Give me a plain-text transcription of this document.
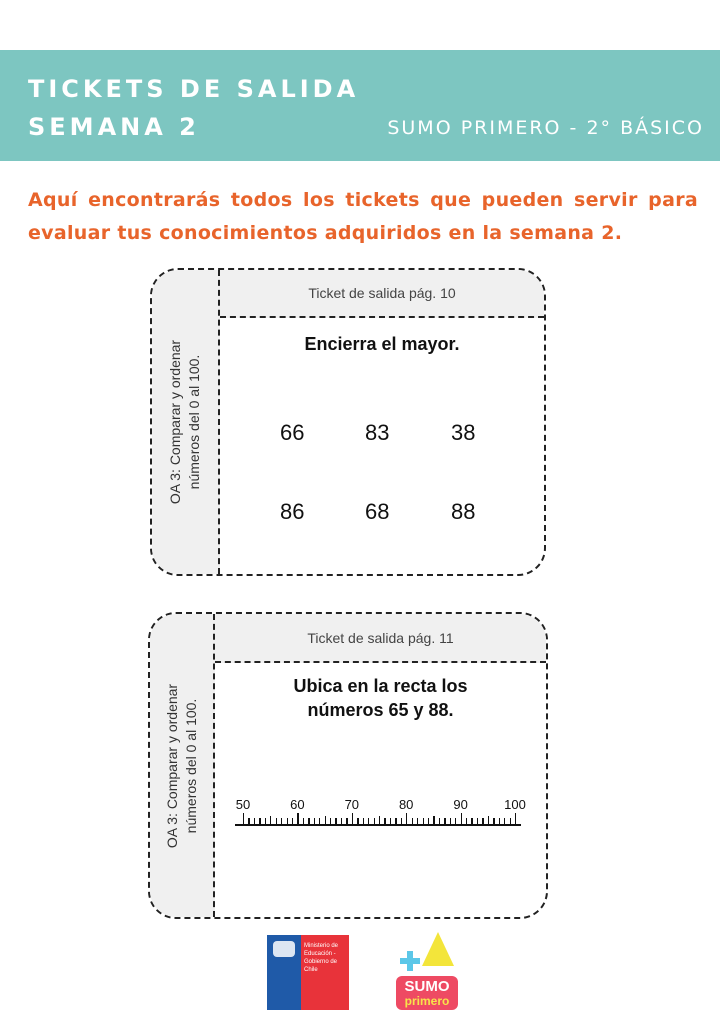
TICKETS DE SALIDA
SEMANA 2	SUMO PRIMERO - 2° BÁSICO
Aquí encontrarás todos los tickets que pueden servir para evaluar tus conocimientos adquiridos en la semana 2.
OA 3: Comparar y ordenar números del 0 al 100.
Ticket de salida pág. 10
Encierra el mayor.
66	83	38
86	68	88
OA 3: Comparar y ordenar números del 0 al 100.
Ticket de salida pág. 11
Ubica en la recta los
números 65 y 88.
50	60	70	80	90	100
Ministerio de Educación - Gobierno de Chile
SUMO
primero
